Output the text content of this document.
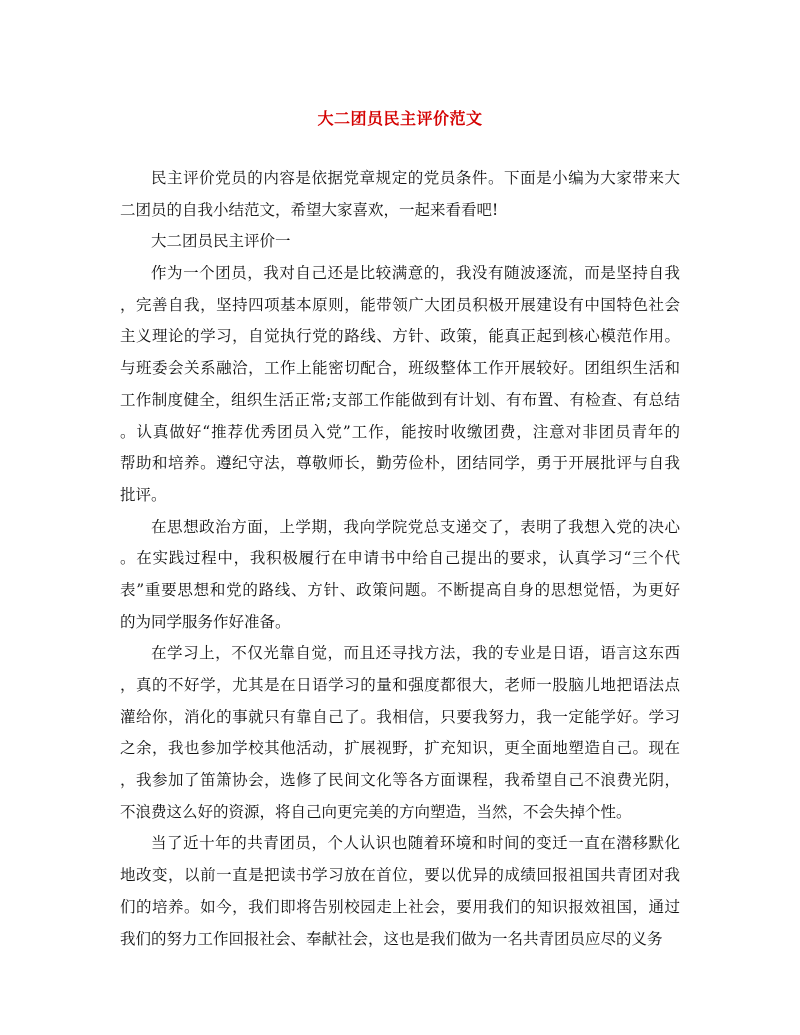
大二团员民主评价范文
民主评价党员的内容是依据党章规定的党员条件。下面是小编为大家带来大
二团员的自我小结范文，希望大家喜欢，一起来看看吧!
大二团员民主评价一
作为一个团员，我对自己还是比较满意的，我没有随波逐流，而是坚持自我
，完善自我，坚持四项基本原则，能带领广大团员积极开展建设有中国特色社会
主义理论的学习，自觉执行党的路线、方针、政策，能真正起到核心模范作用。
与班委会关系融洽，工作上能密切配合，班级整体工作开展较好。团组织生活和
工作制度健全，组织生活正常;支部工作能做到有计划、有布置、有检查、有总结
。认真做好“推荐优秀团员入党”工作，能按时收缴团费，注意对非团员青年的
帮助和培养。遵纪守法，尊敬师长，勤劳俭朴，团结同学，勇于开展批评与自我
批评。
在思想政治方面，上学期，我向学院党总支递交了，表明了我想入党的决心
。在实践过程中，我积极履行在申请书中给自己提出的要求，认真学习“三个代
表”重要思想和党的路线、方针、政策问题。不断提高自身的思想觉悟，为更好
的为同学服务作好准备。
在学习上，不仅光靠自觉，而且还寻找方法，我的专业是日语，语言这东西
，真的不好学，尤其是在日语学习的量和强度都很大，老师一股脑儿地把语法点
灌给你，消化的事就只有靠自己了。我相信，只要我努力，我一定能学好。学习
之余，我也参加学校其他活动，扩展视野，扩充知识，更全面地塑造自己。现在
，我参加了笛箫协会，选修了民间文化等各方面课程，我希望自己不浪费光阴，
不浪费这么好的资源，将自己向更完美的方向塑造，当然，不会失掉个性。
当了近十年的共青团员，个人认识也随着环境和时间的变迁一直在潜移默化
地改变，以前一直是把读书学习放在首位，要以优异的成绩回报祖国共青团对我
们的培养。如今，我们即将告别校园走上社会，要用我们的知识报效祖国，通过
我们的努力工作回报社会、奉献社会，这也是我们做为一名共青团员应尽的义务
